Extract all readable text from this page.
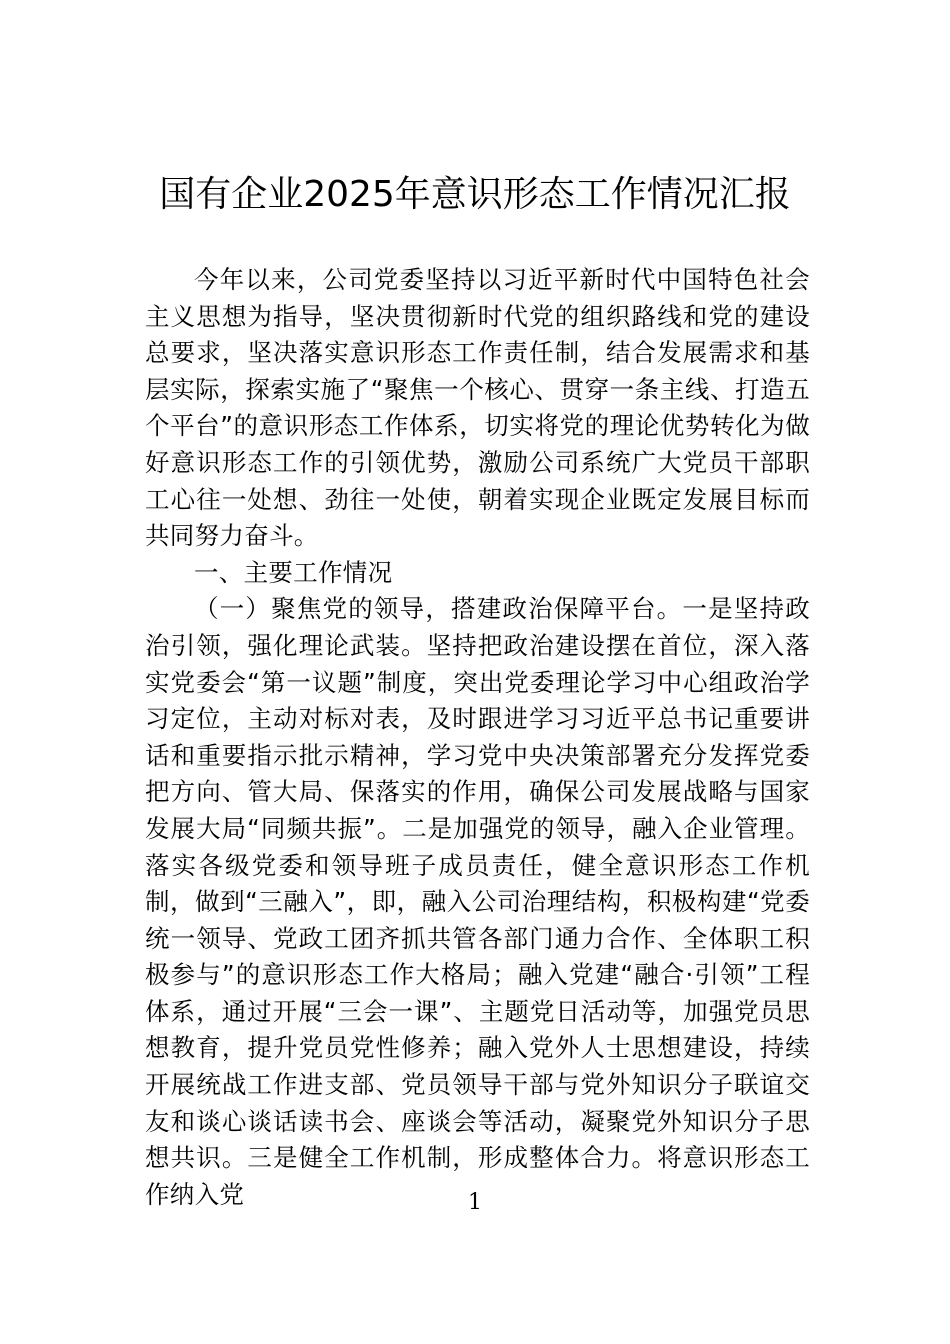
国有企业2025年意识形态工作情况汇报

今年以来，公司党委坚持以习近平新时代中国特色社会主义思想为指导，坚决贯彻新时代党的组织路线和党的建设总要求，坚决落实意识形态工作责任制，结合发展需求和基层实际，探索实施了“聚焦一个核心、贯穿一条主线、打造五个平台”的意识形态工作体系，切实将党的理论优势转化为做好意识形态工作的引领优势，激励公司系统广大党员干部职工心往一处想、劲往一处使，朝着实现企业既定发展目标而共同努力奋斗。

一、主要工作情况

（一）聚焦党的领导，搭建政治保障平台。一是坚持政治引领，强化理论武装。坚持把政治建设摆在首位，深入落实党委会“第一议题”制度，突出党委理论学习中心组政治学习定位，主动对标对表，及时跟进学习习近平总书记重要讲话和重要指示批示精神，学习党中央决策部署充分发挥党委把方向、管大局、保落实的作用，确保公司发展战略与国家发展大局“同频共振”。二是加强党的领导，融入企业管理。落实各级党委和领导班子成员责任，健全意识形态工作机制，做到“三融入”，即，融入公司治理结构，积极构建“党委统一领导、党政工团齐抓共管各部门通力合作、全体职工积极参与”的意识形态工作大格局；融入党建“融合·引领”工程体系，通过开展“三会一课”、主题党日活动等，加强党员思想教育，提升党员党性修养；融入党外人士思想建设，持续开展统战工作进支部、党员领导干部与党外知识分子联谊交友和谈心谈话读书会、座谈会等活动，凝聚党外知识分子思想共识。三是健全工作机制，形成整体合力。将意识形态工作纳入党	1
